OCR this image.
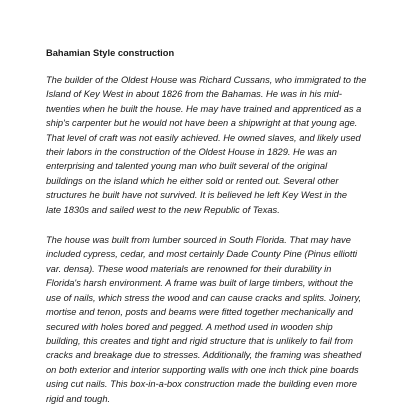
Bahamian Style construction
The builder of the Oldest House was Richard Cussans, who immigrated to the
Island of Key West in about 1826 from the Bahamas. He was in his mid-
twenties when he built the house. He may have trained and apprenticed as a
ship's carpenter but he would not have been a shipwright at that young age.
That level of craft was not easily achieved. He owned slaves, and likely used
their labors in the construction of the Oldest House in 1829. He was an
enterprising and talented young man who built several of the original
buildings on the island which he either sold or rented out. Several other
structures he built have not survived. It is believed he left Key West in the
late 1830s and sailed west to the new Republic of Texas.
The house was built from lumber sourced in South Florida. That may have
included cypress, cedar, and most certainly Dade County Pine (Pinus elliotti
var. densa). These wood materials are renowned for their durability in
Florida's harsh environment. A frame was built of large timbers, without the
use of nails, which stress the wood and can cause cracks and splits. Joinery,
mortise and tenon, posts and beams were fitted together mechanically and
secured with holes bored and pegged. A method used in wooden ship
building, this creates and tight and rigid structure that is unlikely to fail from
cracks and breakage due to stresses. Additionally, the framing was sheathed
on both exterior and interior supporting walls with one inch thick pine boards
using cut nails. This box-in-a-box construction made the building even more
rigid and tough.
